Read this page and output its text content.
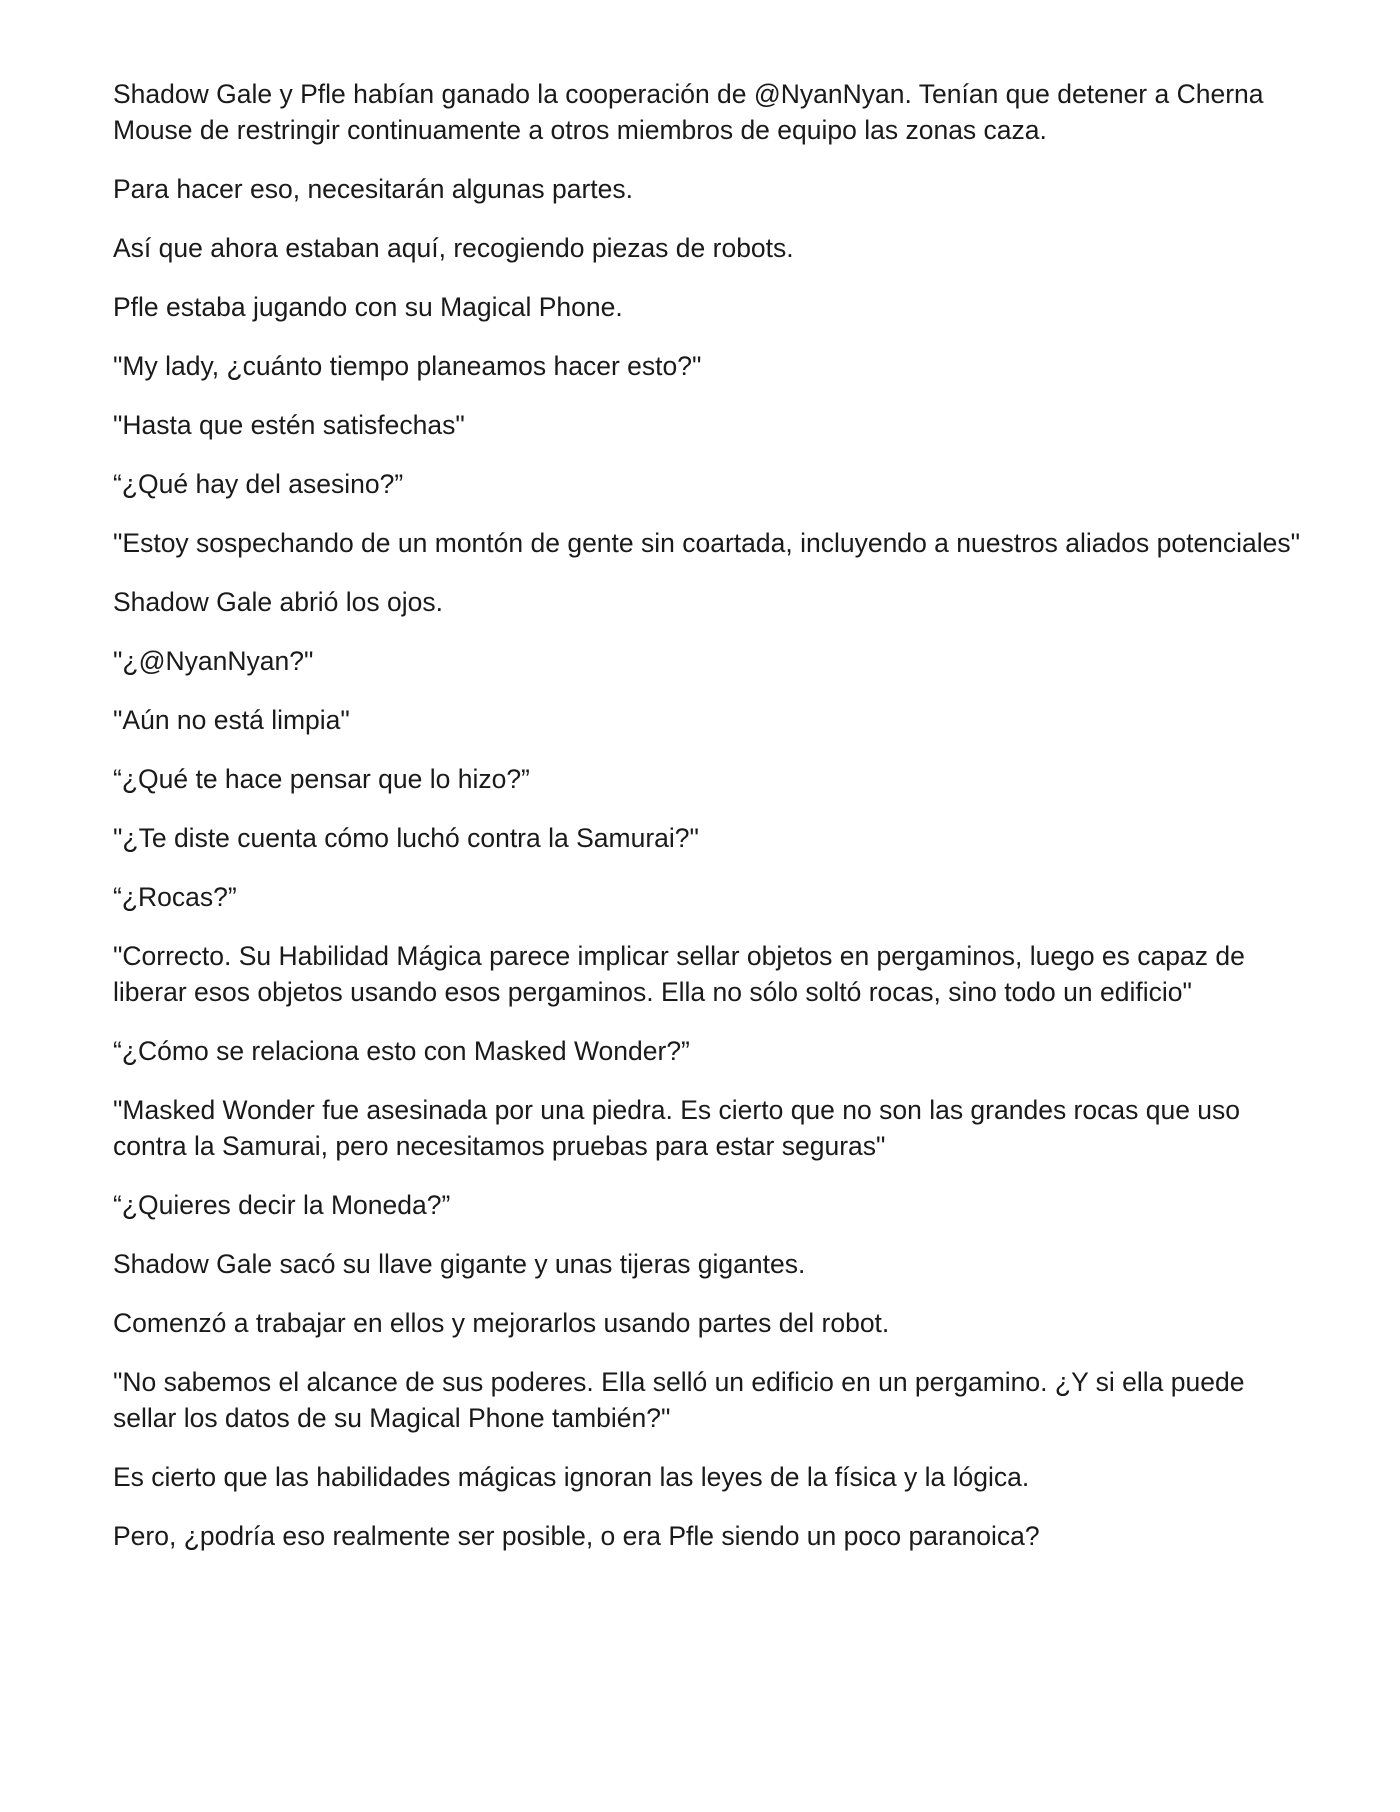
Shadow Gale y Pfle habían ganado la cooperación de @NyanNyan. Tenían que detener a Cherna Mouse de restringir continuamente a otros miembros de equipo las zonas caza.

Para hacer eso, necesitarán algunas partes.

Así que ahora estaban aquí, recogiendo piezas de robots.

Pfle estaba jugando con su Magical Phone.

"My lady, ¿cuánto tiempo planeamos hacer esto?"

"Hasta que estén satisfechas"

“¿Qué hay del asesino?”

"Estoy sospechando de un montón de gente sin coartada, incluyendo a nuestros aliados potenciales"

Shadow Gale abrió los ojos.

"¿@NyanNyan?"

"Aún no está limpia"

“¿Qué te hace pensar que lo hizo?”

"¿Te diste cuenta cómo luchó contra la Samurai?"

“¿Rocas?”

"Correcto. Su Habilidad Mágica parece implicar sellar objetos en pergaminos, luego es capaz de liberar esos objetos usando esos pergaminos. Ella no sólo soltó rocas, sino todo un edificio"

“¿Cómo se relaciona esto con Masked Wonder?”

"Masked Wonder fue asesinada por una piedra. Es cierto que no son las grandes rocas que uso contra la Samurai, pero necesitamos pruebas para estar seguras"

“¿Quieres decir la Moneda?”

Shadow Gale sacó su llave gigante y unas tijeras gigantes.

Comenzó a trabajar en ellos y mejorarlos usando partes del robot.

"No sabemos el alcance de sus poderes. Ella selló un edificio en un pergamino. ¿Y si ella puede sellar los datos de su Magical Phone también?"

Es cierto que las habilidades mágicas ignoran las leyes de la física y la lógica.

Pero, ¿podría eso realmente ser posible, o era Pfle siendo un poco paranoica?
